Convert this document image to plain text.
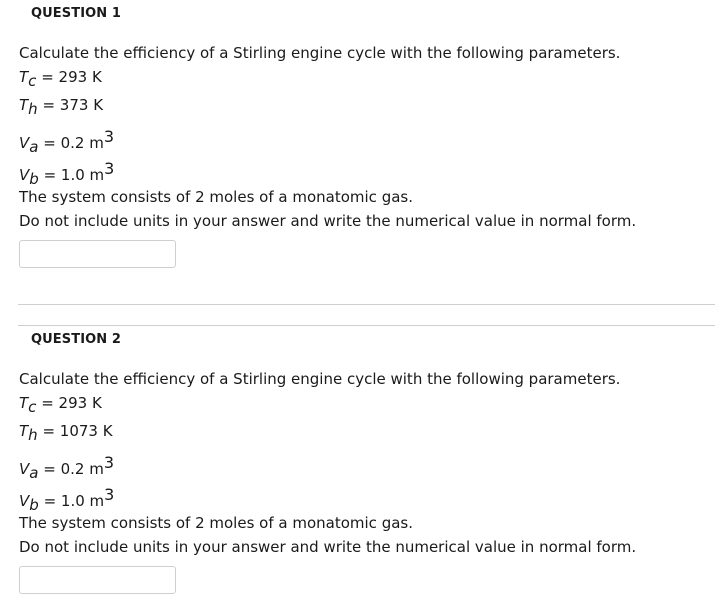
QUESTION 1
Calculate the efficiency of a Stirling engine cycle with the following parameters.
Tc = 293 K
Th = 373 K
Va = 0.2 m3
Vb = 1.0 m3
The system consists of 2 moles of a monatomic gas.
Do not include units in your answer and write the numerical value in normal form.
QUESTION 2
Calculate the efficiency of a Stirling engine cycle with the following parameters.
Tc = 293 K
Th = 1073 K
Va = 0.2 m3
Vb = 1.0 m3
The system consists of 2 moles of a monatomic gas.
Do not include units in your answer and write the numerical value in normal form.
